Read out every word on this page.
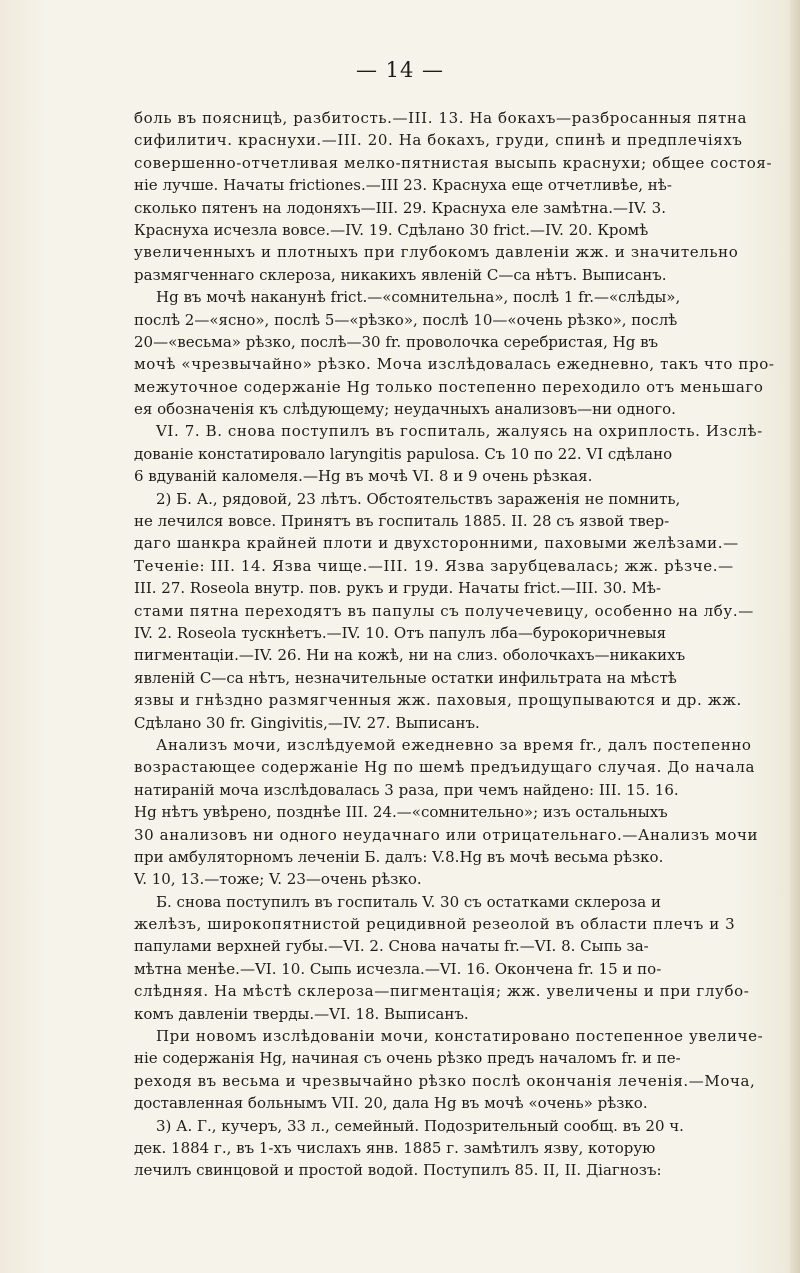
— 14 —
боль въ поясницѣ, разбитость.—III. 13. На бокахъ—разбросанныя пятна
сифилитич. краснухи.—III. 20. На бокахъ, груди, спинѣ и предплечіяхъ
совершенно-отчетливая мелко-пятнистая высыпь краснухи; общее состоя-
ніе лучше. Начаты frictiones.—III 23. Краснуха еще отчетливѣе, нѣ-
сколько пятенъ на лодоняхъ—III. 29. Краснуха еле замѣтна.—IV. 3.
Краснуха исчезла вовсе.—IV. 19. Сдѣлано 30 frict.—IV. 20. Кромѣ
увеличенныхъ и плотныхъ при глубокомъ давленіи жж. и значительно
размягченнаго склероза, никакихъ явленій С—са нѣтъ. Выписанъ.
Hg въ мочѣ наканунѣ frict.—«сомнительна», послѣ 1 fr.—«слѣды»,
послѣ 2—«ясно», послѣ 5—«рѣзко», послѣ 10—«очень рѣзко», послѣ
20—«весьма» рѣзко, послѣ—30 fr. проволочка серебристая, Hg въ
мочѣ «чрезвычайно» рѣзко. Моча изслѣдовалась ежедневно, такъ что про-
межуточное содержаніе Hg только постепенно переходило отъ меньшаго
ея обозначенія къ слѣдующему; неудачныхъ анализовъ—ни одного.
VI. 7. В. снова поступилъ въ госпиталь, жалуясь на охриплость. Изслѣ-
дованіе констатировало laryngitis papulosa. Съ 10 по 22. VI сдѣлано
6 вдуваній каломеля.—Hg въ мочѣ VI. 8 и 9 очень рѣзкая.
2) Б. А., рядовой, 23 лѣтъ. Обстоятельствъ зараженія не помнить,
не лечился вовсе. Принятъ въ госпиталь 1885. II. 28 съ язвой твер-
даго шанкра крайней плоти и двухсторонними, паховыми желѣзами.—
Теченіе: III. 14. Язва чище.—III. 19. Язва зарубцевалась; жж. рѣзче.—
III. 27. Roseola внутр. пов. рукъ и груди. Начаты frict.—III. 30. Мѣ-
стами пятна переходятъ въ папулы съ получечевицу, особенно на лбу.—
IV. 2. Roseola тускнѣетъ.—IV. 10. Отъ папулъ лба—бурокоричневыя
пигментаціи.—IV. 26. Ни на кожѣ, ни на слиз. оболочкахъ—никакихъ
явленій С—са нѣтъ, незначительные остатки инфильтрата на мѣстѣ
язвы и гнѣздно размягченныя жж. паховыя, прощупываются и др. жж.
Сдѣлано 30 fr. Gingivitis,—IV. 27. Выписанъ.
Анализъ мочи, изслѣдуемой ежедневно за время fr., далъ постепенно
возрастающее содержаніе Hg по шемѣ предъидущаго случая. До начала
натираній моча изслѣдовалась 3 раза, при чемъ найдено: III. 15. 16.
Hg нѣтъ увѣрено, позднѣе III. 24.—«сомнительно»; изъ остальныхъ
30 анализовъ ни одного неудачнаго или отрицательнаго.—Анализъ мочи
при амбуляторномъ леченіи Б. далъ: V.8.Hg въ мочѣ весьма рѣзко.
V. 10, 13.—тоже; V. 23—очень рѣзко.
Б. снова поступилъ въ госпиталь V. 30 съ остатками склероза и
желѣзъ, широкопятнистой рецидивной резеолой въ области плечъ и 3
папулами верхней губы.—VI. 2. Снова начаты fr.—VI. 8. Сыпь за-
мѣтна менѣе.—VI. 10. Сыпь исчезла.—VI. 16. Окончена fr. 15 и по-
слѣдняя. На мѣстѣ склероза—пигментація; жж. увеличены и при глубо-
комъ давленіи тверды.—VI. 18. Выписанъ.
При новомъ изслѣдованіи мочи, констатировано постепенное увеличе-
ніе содержанія Hg, начиная съ очень рѣзко предъ началомъ fr. и пе-
реходя въ весьма и чрезвычайно рѣзко послѣ окончанія леченія.—Моча,
доставленная больнымъ VII. 20, дала Hg въ мочѣ «очень» рѣзко.
3) А. Г., кучеръ, 33 л., семейный. Подозрительный сообщ. въ 20 ч.
дек. 1884 г., въ 1-хъ числахъ янв. 1885 г. замѣтилъ язву, которую
лечилъ свинцовой и простой водой. Поступилъ 85. II, II. Діагнозъ:
